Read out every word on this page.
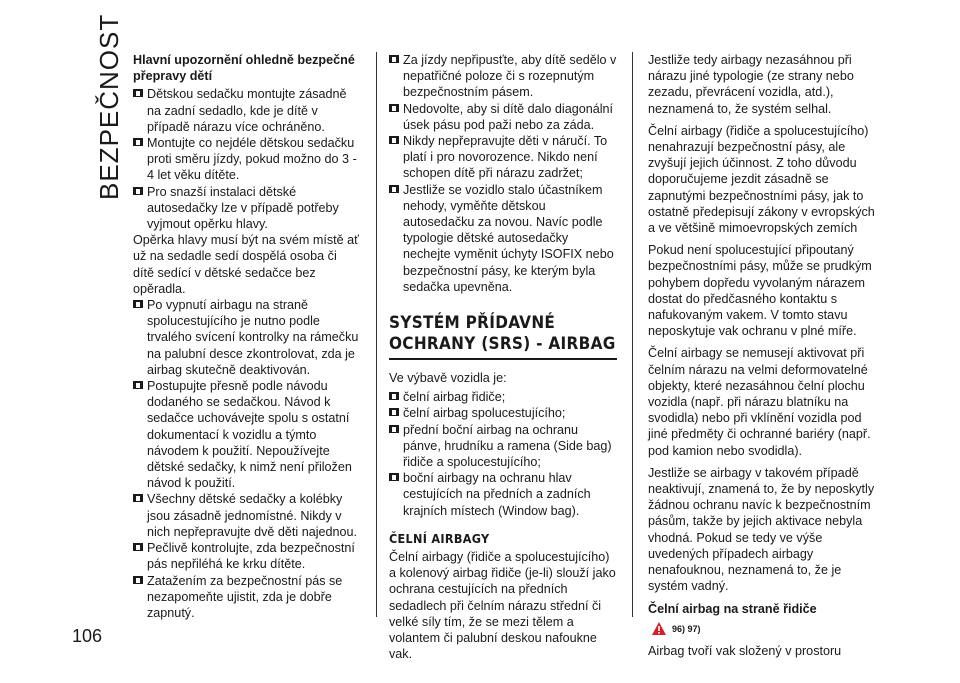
BEZPEČNOST
106
Hlavní upozornění ohledně bezpečné přepravy dětí
Dětskou sedačku montujte zásadně na zadní sedadlo, kde je dítě v případě nárazu více ochráněno.
Montujte co nejdéle dětskou sedačku proti směru jízdy, pokud možno do 3 - 4 let věku dítěte.
Pro snazší instalaci dětské autosedačky lze v případě potřeby vyjmout opěrku hlavy.
Opěrka hlavy musí být na svém místě ať už na sedadle sedí dospělá osoba či dítě sedící v dětské sedačce bez opěradla.
Po vypnutí airbagu na straně spolucestujícího je nutno podle trvalého svícení kontrolky na rámečku na palubní desce zkontrolovat, zda je airbag skutečně deaktivován.
Postupujte přesně podle návodu dodaného se sedačkou. Návod k sedačce uchovávejte spolu s ostatní dokumentací k vozidlu a týmto návodem k použití. Nepoužívejte dětské sedačky, k nimž není přiložen návod k použití.
Všechny dětské sedačky a kolébky jsou zásadně jednomístné. Nikdy v nich nepřepravujte dvě děti najednou.
Pečlivě kontrolujte, zda bezpečnostní pás nepřiléhá ke krku dítěte.
Zatažením za bezpečnostní pás se nezapomeňte ujistit, zda je dobře zapnutý.
Za jízdy nepřipusťte, aby dítě sedělo v nepatřičné poloze či s rozepnutým bezpečnostním pásem.
Nedovolte, aby si dítě dalo diagonální úsek pásu pod paži nebo za záda.
Nikdy nepřepravujte děti v náručí. To platí i pro novorozence. Nikdo není schopen dítě při nárazu zadržet;
Jestliže se vozidlo stalo účastníkem nehody, vyměňte dětskou autosedačku za novou. Navíc podle typologie dětské autosedačky nechejte vyměnit úchyty ISOFIX nebo bezpečnostní pásy, ke kterým byla sedačka upevněna.
SYSTÉM PŘÍDAVNÉ OCHRANY (SRS) - AIRBAG
Ve výbavě vozidla je:
čelní airbag řidiče;
čelní airbag spolucestujícího;
přední boční airbag na ochranu pánve, hrudníku a ramena (Side bag) řidiče a spolucestujícího;
boční airbagy na ochranu hlav cestujících na předních a zadních krajních místech (Window bag).
ČELNÍ AIRBAGY
Čelní airbagy (řidiče a spolucestujícího) a kolenový airbag řidiče (je-li) slouží jako ochrana cestujících na předních sedadlech při čelním nárazu střední či velké síly tím, že se mezi tělem a volantem či palubní deskou nafoukne vak.
Jestliže tedy airbagy nezasáhnou při nárazu jiné typologie (ze strany nebo zezadu, převrácení vozidla, atd.), neznamená to, že systém selhal.
Čelní airbagy (řidiče a spolucestujícího) nenahrazují bezpečnostní pásy, ale zvyšují jejich účinnost. Z toho důvodu doporučujeme jezdit zásadně se zapnutými bezpečnostními pásy, jak to ostatně předepisují zákony v evropských a ve většině mimoevropských zemích
Pokud není spolucestující připoutaný bezpečnostními pásy, může se prudkým pohybem dopředu vyvolaným nárazem dostat do předčasného kontaktu s nafukovaným vakem. V tomto stavu neposkytuje vak ochranu v plné míře.
Čelní airbagy se nemusejí aktivovat při čelním nárazu na velmi deformovatelné objekty, které nezasáhnou čelní plochu vozidla (např. při nárazu blatníku na svodidla) nebo při vklínění vozidla pod jiné předměty či ochranné bariéry (např. pod kamion nebo svodidla).
Jestliže se airbagy v takovém případě neaktivují, znamená to, že by neposkytly žádnou ochranu navíc k bezpečnostním pásům, takže by jejich aktivace nebyla vhodná. Pokud se tedy ve výše uvedených případech airbagy nenafouknou, neznamená to, že je systém vadný.
Čelní airbag na straně řidiče
96) 97)
Airbag tvoří vak složený v prostoru
